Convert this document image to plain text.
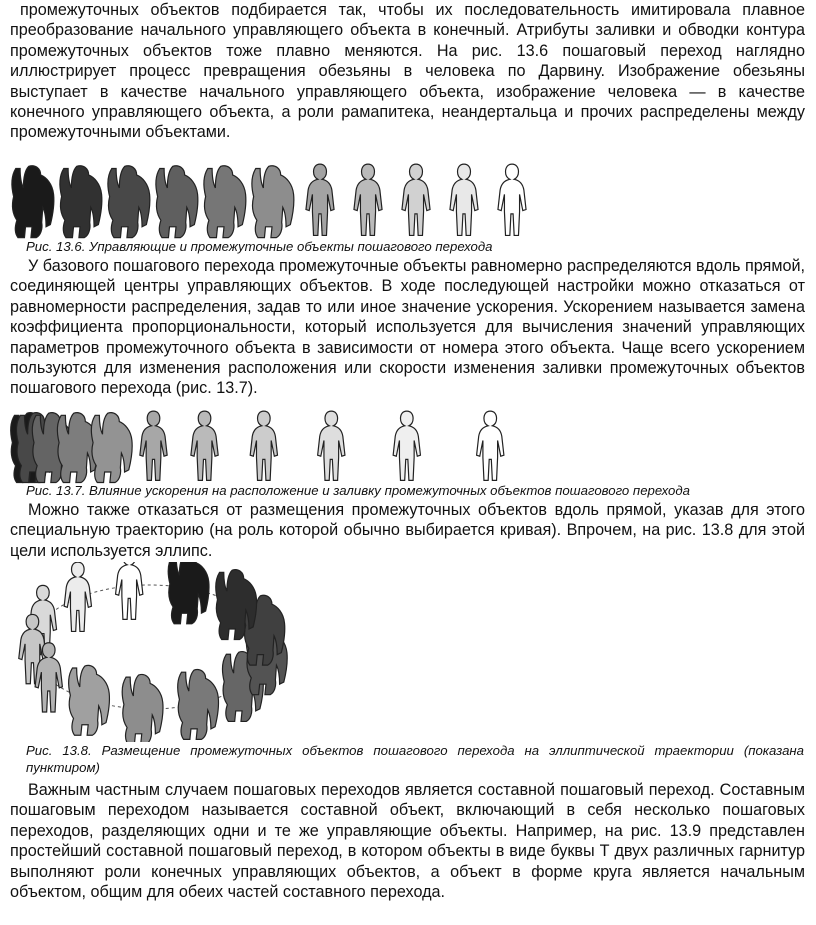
промежуточных объектов подбирается так, чтобы их последовательность имитировала плавное преобразование начального управляющего объекта в конечный. Атрибуты заливки и обводки контура промежуточных объектов тоже плавно меняются. На рис. 13.6 пошаговый переход наглядно иллюстрирует процесс превращения обезьяны в человека по Дарвину. Изображение обезьяны выступает в качестве начального управляющего объекта, изображение человека — в качестве конечного управляющего объекта, а роли рамапитека, неандертальца и прочих распределены между промежуточными объектами.

Рис. 13.6. Управляющие и промежуточные объекты пошагового перехода

У базового пошагового перехода промежуточные объекты равномерно распределяются вдоль прямой, соединяющей центры управляющих объектов. В ходе последующей настройки можно отказаться от равномерности распределения, задав то или иное значение ускорения. Ускорением называется замена коэффициента пропорциональности, который используется для вычисления значений управляющих параметров промежуточного объекта в зависимости от номера этого объекта. Чаще всего ускорением пользуются для изменения расположения или скорости изменения заливки промежуточных объектов пошагового перехода (рис. 13.7).

Рис. 13.7. Влияние ускорения на расположение и заливку промежуточных объектов пошагового перехода

Можно также отказаться от размещения промежуточных объектов вдоль прямой, указав для этого специальную траекторию (на роль которой обычно выбирается кривая). Впрочем, на рис. 13.8 для этой цели используется эллипс.

Рис. 13.8. Размещение промежуточных объектов пошагового перехода на эллиптической траектории (показана пунктиром)

Важным частным случаем пошаговых переходов является составной пошаговый переход. Составным пошаговым переходом называется составной объект, включающий в себя несколько пошаговых переходов, разделяющих одни и те же управляющие объекты. Например, на рис. 13.9 представлен простейший составной пошаговый переход, в котором объекты в виде буквы Т двух различных гарнитур выполняют роли конечных управляющих объектов, а объект в форме круга является начальным объектом, общим для обеих частей составного перехода.
